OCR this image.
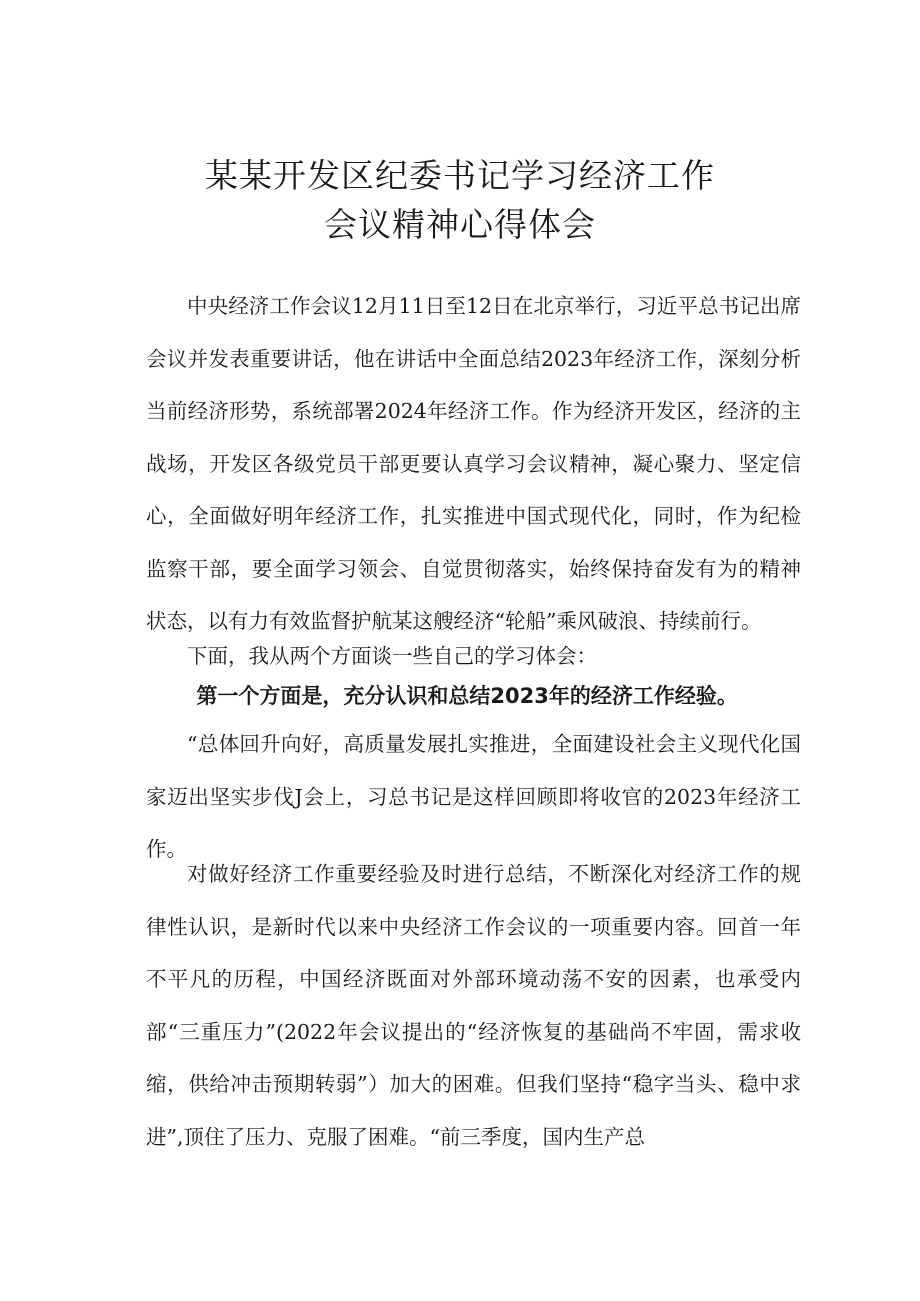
某某开发区纪委书记学习经济工作
会议精神心得体会

中央经济工作会议12月11日至12日在北京举行，习近平总书记出席会议并发表重要讲话，他在讲话中全面总结2023年经济工作，深刻分析当前经济形势，系统部署2024年经济工作。作为经济开发区，经济的主战场，开发区各级党员干部更要认真学习会议精神，凝心聚力、坚定信心，全面做好明年经济工作，扎实推进中国式现代化，同时，作为纪检监察干部，要全面学习领会、自觉贯彻落实，始终保持奋发有为的精神状态，以有力有效监督护航某这艘经济“轮船”乘风破浪、持续前行。

下面，我从两个方面谈一些自己的学习体会：

第一个方面是，充分认识和总结2023年的经济工作经验。

“总体回升向好，高质量发展扎实推进，全面建设社会主义现代化国家迈出坚实步伐J会上，习总书记是这样回顾即将收官的2023年经济工作。

对做好经济工作重要经验及时进行总结，不断深化对经济工作的规律性认识，是新时代以来中央经济工作会议的一项重要内容。回首一年不平凡的历程，中国经济既面对外部环境动荡不安的因素，也承受内部“三重压力”(2022年会议提出的“经济恢复的基础尚不牢固，需求收缩，供给冲击预期转弱”）加大的困难。但我们坚持“稳字当头、稳中求进”,顶住了压力、克服了困难。“前三季度，国内生产总
